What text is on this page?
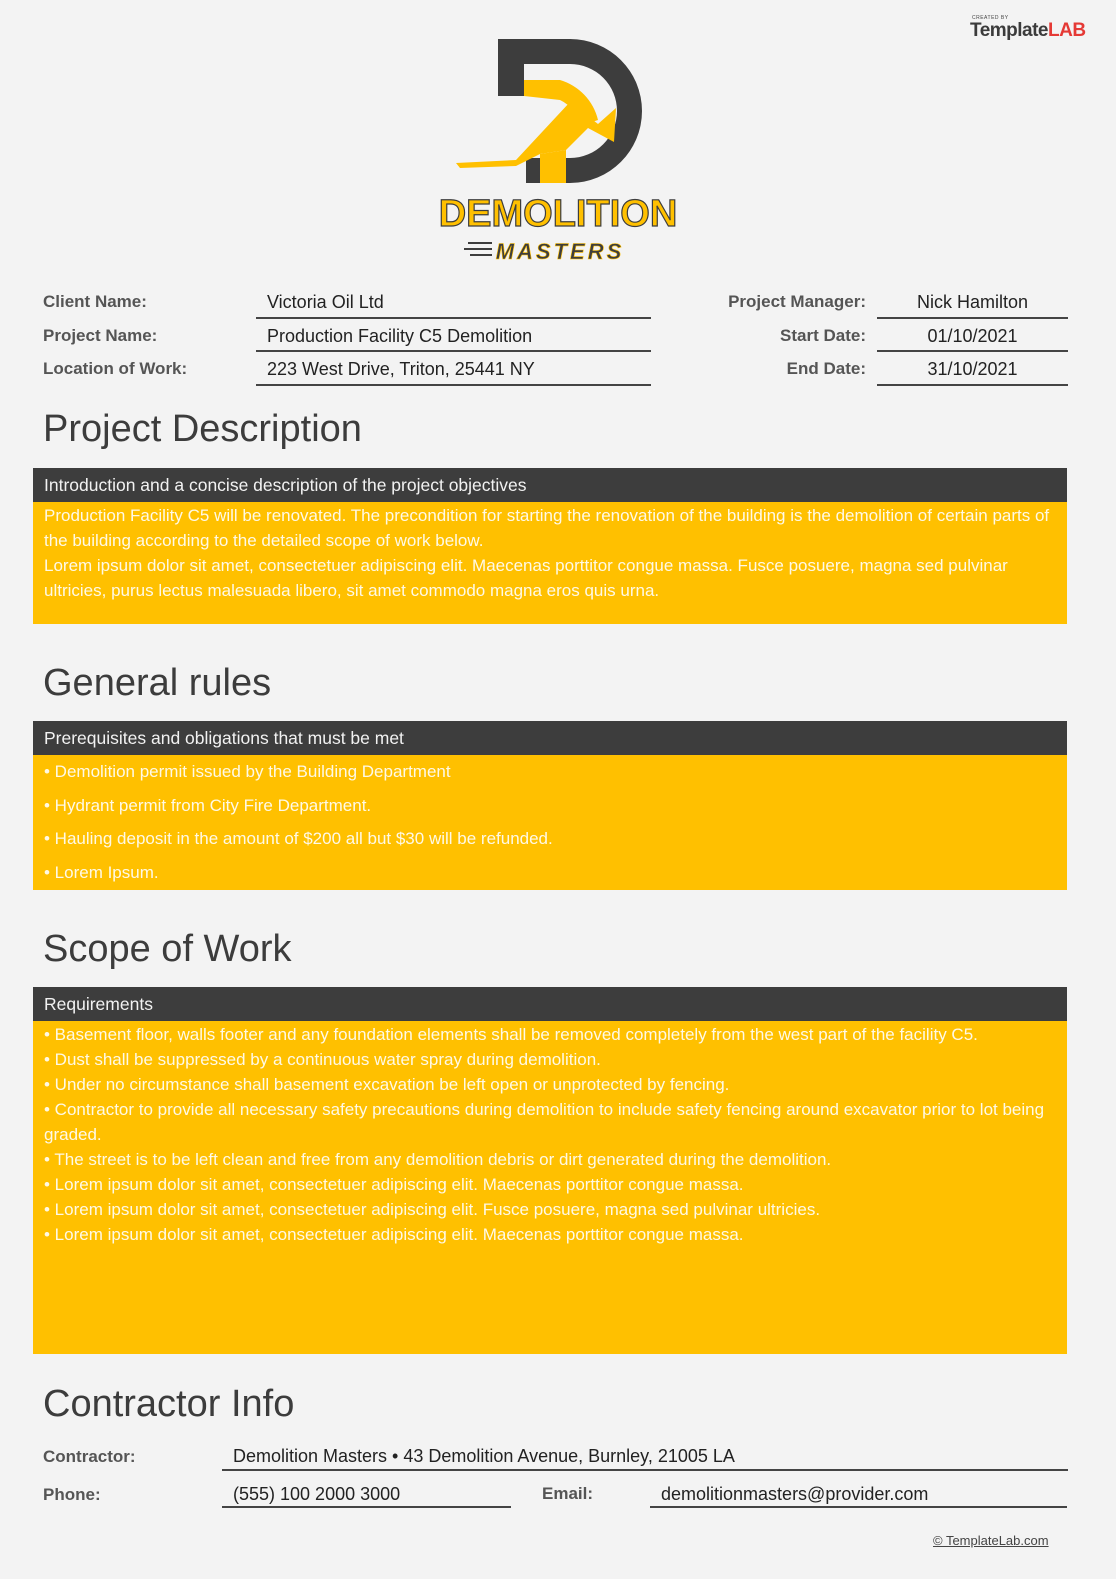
CREATED BY
TemplateLAB
DEMOLITION
MASTERS
Client Name:	Victoria Oil Ltd
Project Name:	Production Facility C5 Demolition
Location of Work:	223 West Drive, Triton, 25441 NY
Project Manager:	Nick Hamilton
Start Date:	01/10/2021
End Date:	31/10/2021
Project Description
Introduction and a concise description of the project objectives

Production Facility C5 will be renovated. The precondition for starting the renovation of the building is the demolition of certain parts of the building according to the detailed scope of work below.

Lorem ipsum dolor sit amet, consectetuer adipiscing elit. Maecenas porttitor congue massa. Fusce posuere, magna sed pulvinar ultricies, purus lectus malesuada libero, sit amet commodo magna eros quis urna.

General rules
Prerequisites and obligations that must be met
• Demolition permit issued by the Building Department
• Hydrant permit from City Fire Department.
• Hauling deposit in the amount of $200 all but $30 will be refunded.
• Lorem Ipsum.
Scope of Work
Requirements
• Basement floor, walls footer and any foundation elements shall be removed completely from the west part of the facility C5.
• Dust shall be suppressed by a continuous water spray during demolition.
• Under no circumstance shall basement excavation be left open or unprotected by fencing.
• Contractor to provide all necessary safety precautions during demolition to include safety fencing around excavator prior to lot being graded.
• The street is to be left clean and free from any demolition debris or dirt generated during the demolition.
• Lorem ipsum dolor sit amet, consectetuer adipiscing elit. Maecenas porttitor congue massa.
• Lorem ipsum dolor sit amet, consectetuer adipiscing elit. Fusce posuere, magna sed pulvinar ultricies.
• Lorem ipsum dolor sit amet, consectetuer adipiscing elit. Maecenas porttitor congue massa.
Contractor Info
Contractor:	Demolition Masters • 43 Demolition Avenue, Burnley, 21005 LA
Phone:	(555) 100 2000 3000	Email:	demolitionmasters@provider.com
© TemplateLab.com
